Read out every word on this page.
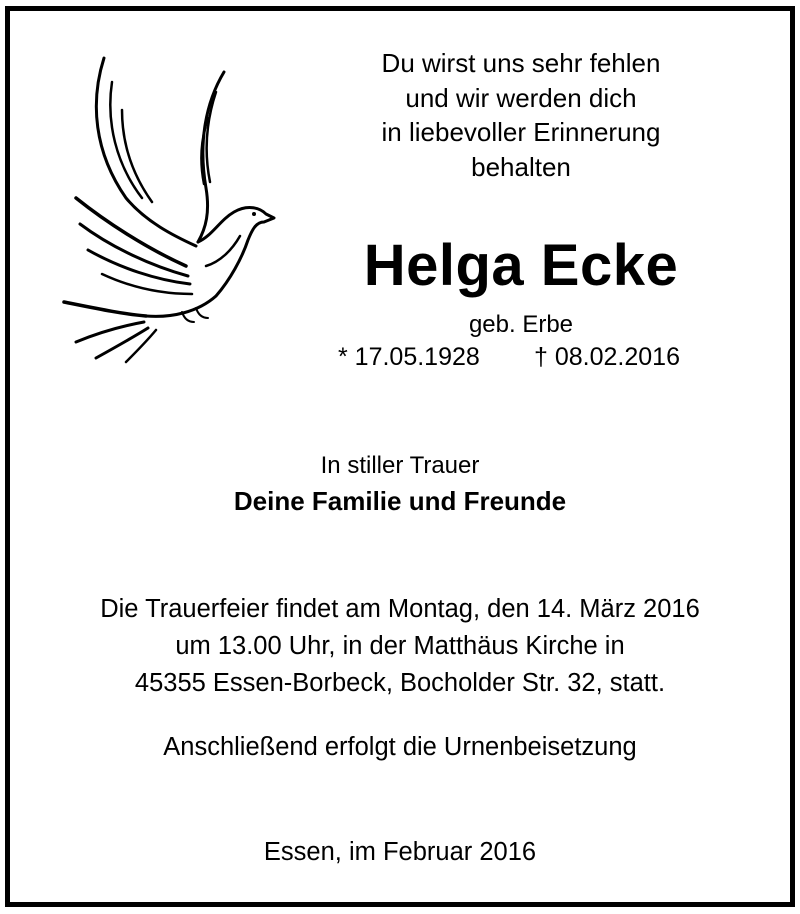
Du wirst uns sehr fehlen
und wir werden dich
in liebevoller Erinnerung
behalten
Helga Ecke
geb. Erbe
* 17.05.1928 † 08.02.2016
In stiller Trauer
Deine Familie und Freunde
Die Trauerfeier findet am Montag, den 14. März 2016
um 13.00 Uhr, in der Matthäus Kirche in
45355 Essen-Borbeck, Bocholder Str. 32, statt.
Anschließend erfolgt die Urnenbeisetzung
Essen, im Februar 2016
